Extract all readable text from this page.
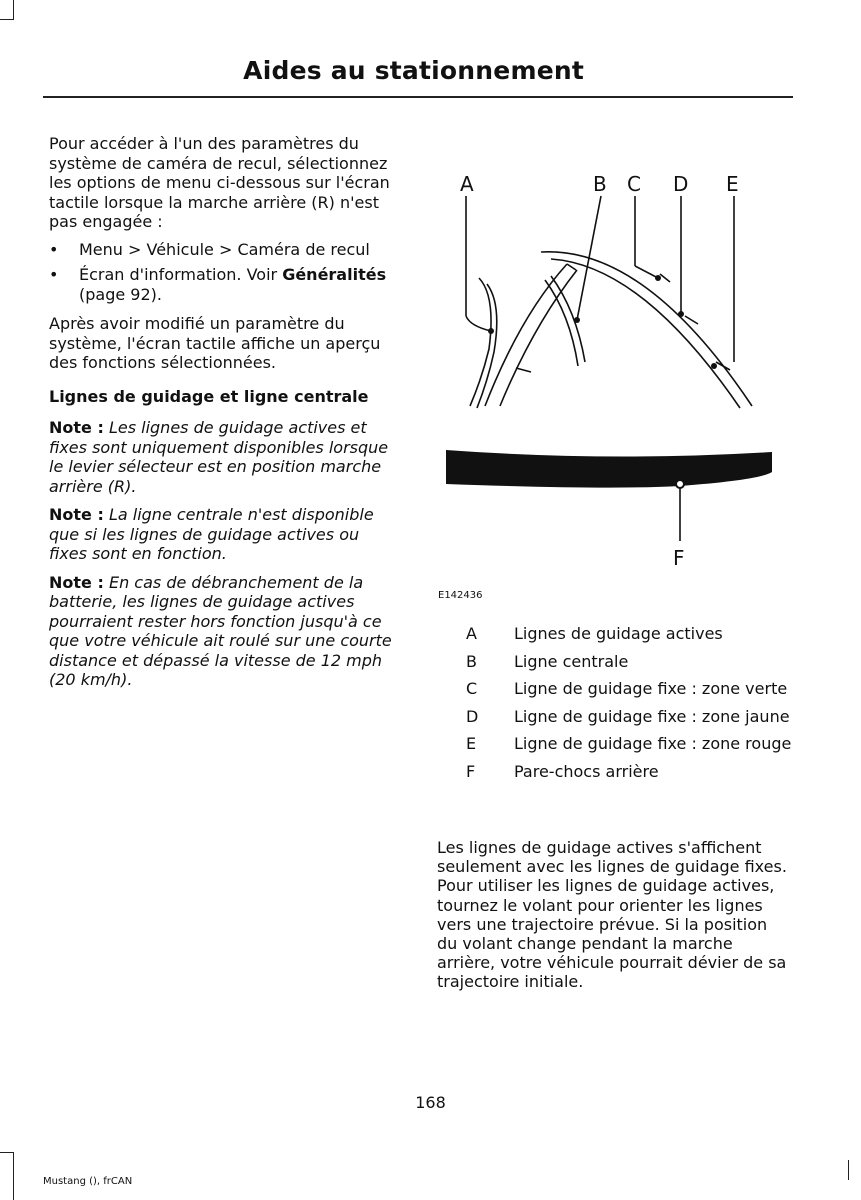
Aides au stationnement

Pour accéder à l'un des paramètres du système de caméra de recul, sélectionnez les options de menu ci-dessous sur l'écran tactile lorsque la marche arrière (R) n'est pas engagée :

• Menu > Véhicule > Caméra de recul
• Écran d'information. Voir Généralités (page 92).

Après avoir modifié un paramètre du système, l'écran tactile affiche un aperçu des fonctions sélectionnées.

Lignes de guidage et ligne centrale

Note : Les lignes de guidage actives et fixes sont uniquement disponibles lorsque le levier sélecteur est en position marche arrière (R).

Note : La ligne centrale n'est disponible que si les lignes de guidage actives ou fixes sont en fonction.

Note : En cas de débranchement de la batterie, les lignes de guidage actives pourraient rester hors fonction jusqu'à ce que votre véhicule ait roulé sur une courte distance et dépassé la vitesse de 12 mph (20 km/h).

A	B C D E
F
E142436
A	Lignes de guidage actives
B	Ligne centrale
C	Ligne de guidage fixe : zone verte
D	Ligne de guidage fixe : zone jaune
E	Ligne de guidage fixe : zone rouge
F	Pare-chocs arrière

Les lignes de guidage actives s'affichent seulement avec les lignes de guidage fixes. Pour utiliser les lignes de guidage actives, tournez le volant pour orienter les lignes vers une trajectoire prévue. Si la position du volant change pendant la marche arrière, votre véhicule pourrait dévier de sa trajectoire initiale.

168
Mustang (), frCAN
